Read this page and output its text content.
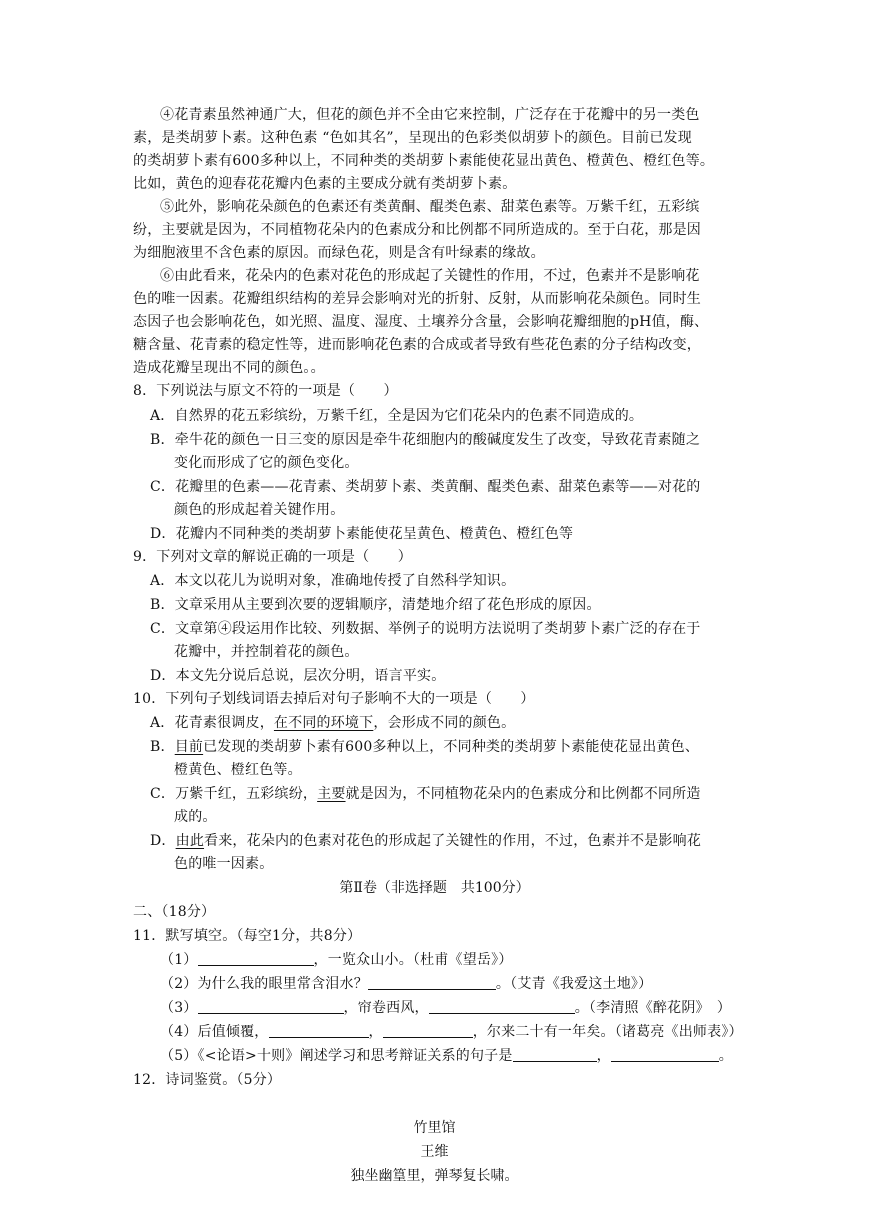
④花青素虽然神通广大，但花的颜色并不全由它来控制，广泛存在于花瓣中的另一类色
素，是类胡萝卜素。这种色素 “色如其名”，呈现出的色彩类似胡萝卜的颜色。目前已发现
的类胡萝卜素有600多种以上，不同种类的类胡萝卜素能使花显出黄色、橙黄色、橙红色等。
比如，黄色的迎春花花瓣内色素的主要成分就有类胡萝卜素。
⑤此外，影响花朵颜色的色素还有类黄酮、醌类色素、甜菜色素等。万紫千红，五彩缤
纷，主要就是因为，不同植物花朵内的色素成分和比例都不同所造成的。至于白花，那是因
为细胞液里不含色素的原因。而绿色花，则是含有叶绿素的缘故。
⑥由此看来，花朵内的色素对花色的形成起了关键性的作用，不过，色素并不是影响花
色的唯一因素。花瓣组织结构的差异会影响对光的折射、反射，从而影响花朵颜色。同时生
态因子也会影响花色，如光照、温度、湿度、土壤养分含量，会影响花瓣细胞的pH值，酶、
糖含量、花青素的稳定性等，进而影响花色素的合成或者导致有些花色素的分子结构改变，
造成花瓣呈现出不同的颜色。。
8．下列说法与原文不符的一项是（　　）
A．自然界的花五彩缤纷，万紫千红，全是因为它们花朵内的色素不同造成的。
B．牵牛花的颜色一日三变的原因是牵牛花细胞内的酸碱度发生了改变，导致花青素随之
变化而形成了它的颜色变化。
C．花瓣里的色素——花青素、类胡萝卜素、类黄酮、醌类色素、甜菜色素等——对花的
颜色的形成起着关键作用。
D．花瓣内不同种类的类胡萝卜素能使花呈黄色、橙黄色、橙红色等
9．下列对文章的解说正确的一项是（　　）
A．本文以花儿为说明对象，准确地传授了自然科学知识。
B．文章采用从主要到次要的逻辑顺序，清楚地介绍了花色形成的原因。
C．文章第④段运用作比较、列数据、举例子的说明方法说明了类胡萝卜素广泛的存在于
花瓣中，并控制着花的颜色。
D．本文先分说后总说，层次分明，语言平实。
10．下列句子划线词语去掉后对句子影响不大的一项是（　　）
A．花青素很调皮，在不同的环境下，会形成不同的颜色。
B．目前已发现的类胡萝卜素有600多种以上，不同种类的类胡萝卜素能使花显出黄色、
橙黄色、橙红色等。
C．万紫千红，五彩缤纷，主要就是因为，不同植物花朵内的色素成分和比例都不同所造
成的。
D．由此看来，花朵内的色素对花色的形成起了关键性的作用，不过，色素并不是影响花
色的唯一因素。
第Ⅱ卷（非选择题　共100分）
二、（18分）
11．默写填空。（每空1分，共8分）
（1）	，一览众山小。（杜甫《望岳》）
（2）为什么我的眼里常含泪水？	。（艾青《我爱这土地》）
（3）	，帘卷西风，	。（李清照《醉花阴》　）
（4）后值倾覆，	，	，尔来二十有一年矣。（诸葛亮《出师表》）
（5）《<论语>十则》阐述学习和思考辩证关系的句子是	，	。
12．诗词鉴赏。（5分）
竹里馆
王维
独坐幽篁里，弹琴复长啸。
